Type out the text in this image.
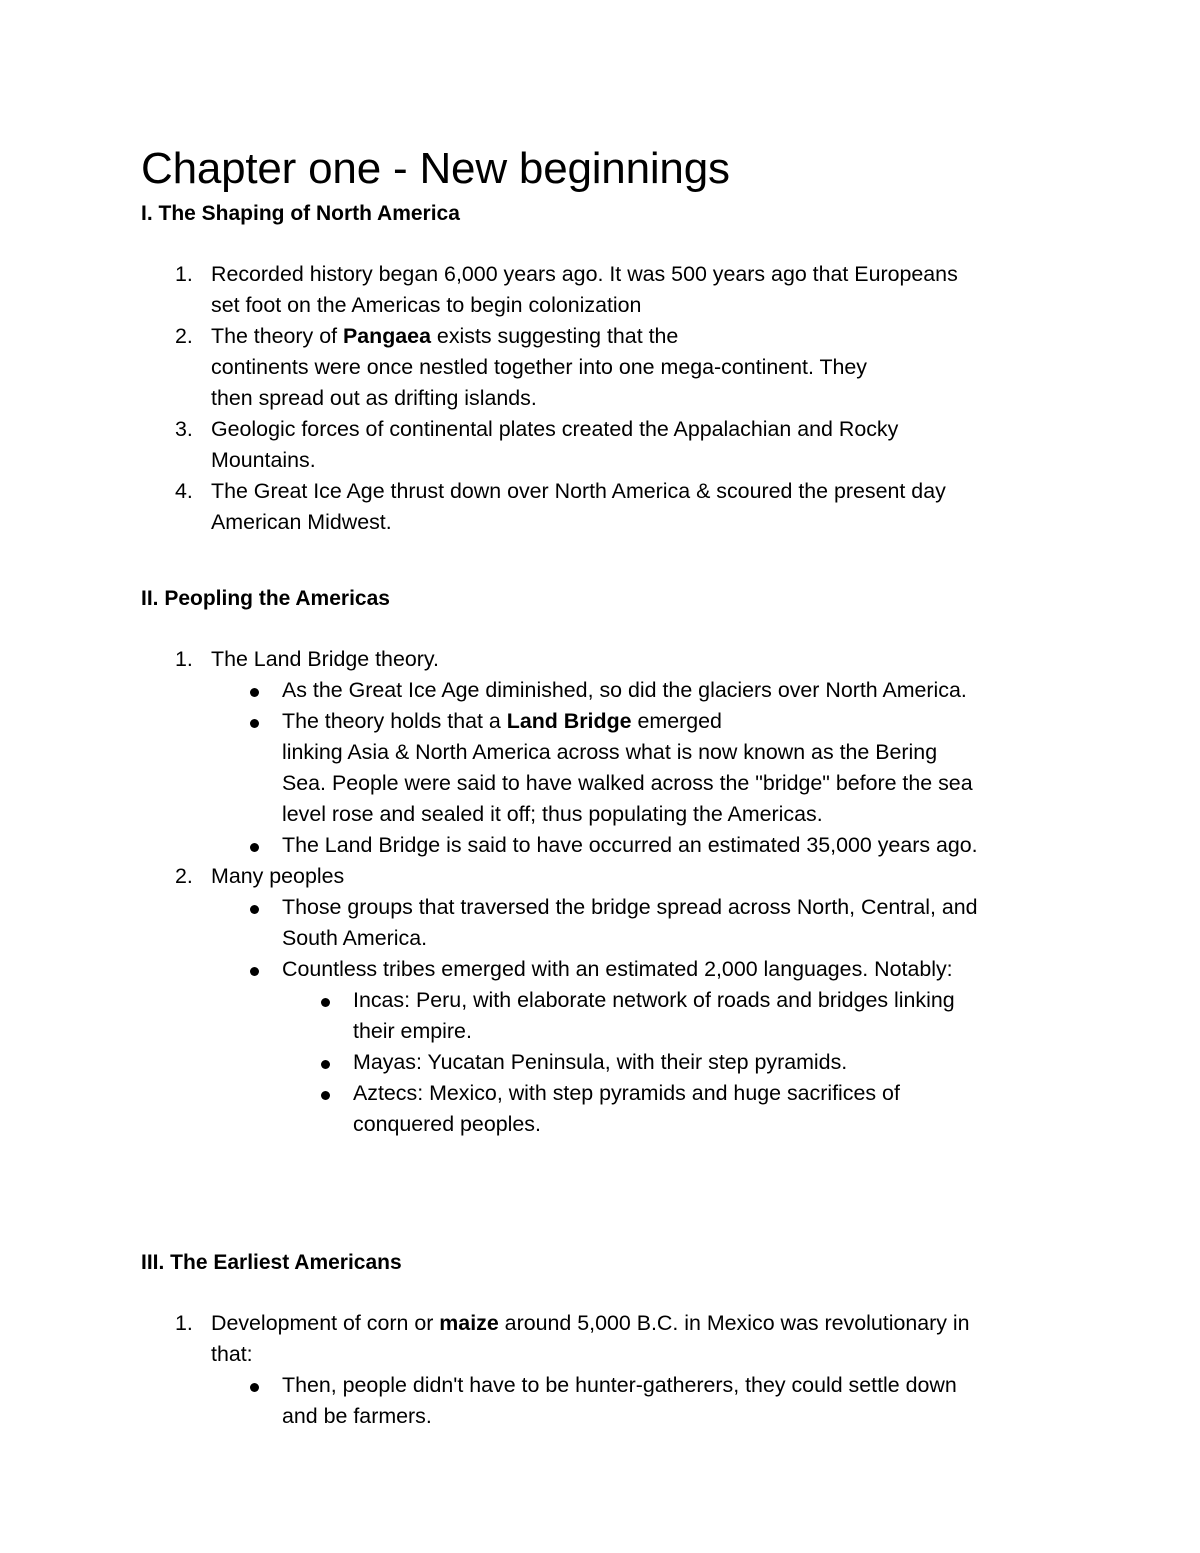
Chapter one - New beginnings
I. The Shaping of North America
1. Recorded history began 6,000 years ago. It was 500 years ago that Europeans
set foot on the Americas to begin colonization
2. The theory of Pangaea exists suggesting that the
continents were once nestled together into one mega-continent. They
then spread out as drifting islands.
3. Geologic forces of continental plates created the Appalachian and Rocky
Mountains.
4. The Great Ice Age thrust down over North America & scoured the present day
American Midwest.
II. Peopling the Americas
1. The Land Bridge theory.
As the Great Ice Age diminished, so did the glaciers over North America.
The theory holds that a Land Bridge emerged
linking Asia & North America across what is now known as the Bering
Sea. People were said to have walked across the "bridge" before the sea
level rose and sealed it off; thus populating the Americas.
The Land Bridge is said to have occurred an estimated 35,000 years ago.
2. Many peoples
Those groups that traversed the bridge spread across North, Central, and
South America.
Countless tribes emerged with an estimated 2,000 languages. Notably:
Incas: Peru, with elaborate network of roads and bridges linking
their empire.
Mayas: Yucatan Peninsula, with their step pyramids.
Aztecs: Mexico, with step pyramids and huge sacrifices of
conquered peoples.
III. The Earliest Americans
1. Development of corn or maize around 5,000 B.C. in Mexico was revolutionary in
that:
Then, people didn't have to be hunter-gatherers, they could settle down
and be farmers.
